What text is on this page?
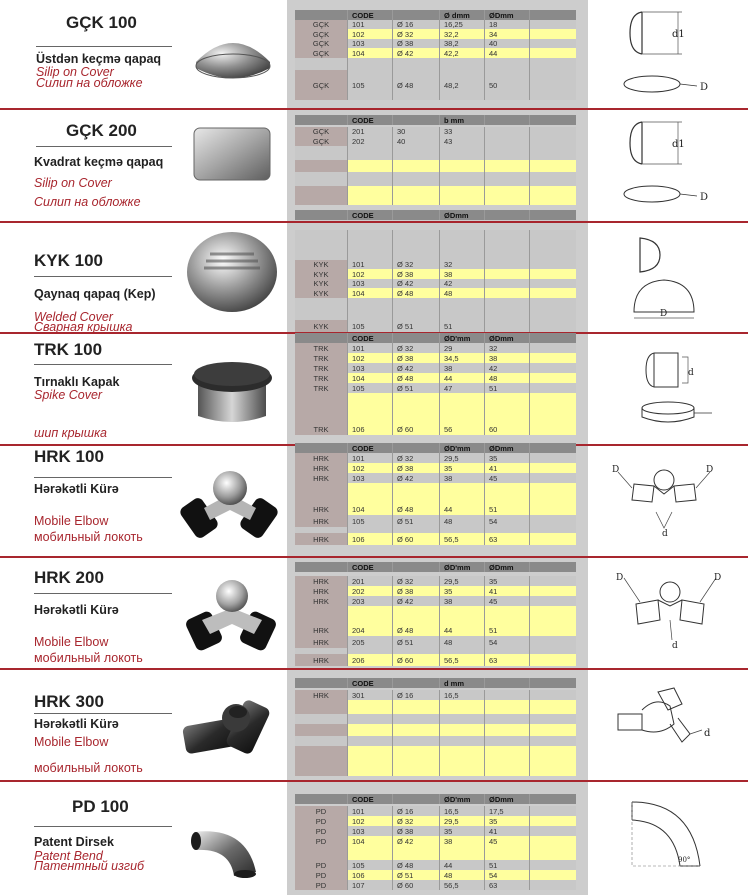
GÇK 100
Üstdən keçmə qapaq
Silip on Cover
Силип на обложке
CODE	Ø dmm	ØDmm
GÇK	101	Ø 16	16,25	18
GÇK	102	Ø 32	32,2	34
GÇK	103	Ø 38	38,2	40
GÇK	104	Ø 42	42,2	44
GÇK	105	Ø 48	48,2	50
d1
D
GÇK 200
Kvadrat keçmə qapaq
Silip on Cover
Силип на обложке
CODE	b mm
GÇK	201	30	33
GÇK	202	40	43
CODE	ØDmm
d1
D
KYK 100
Qaynaq qapaq (Kep)
Welded Cover
Сварная крышка
KYK	101	Ø 32	32
KYK	102	Ø 38	38
KYK	103	Ø 42	42
KYK	104	Ø 48	48
KYK	105	Ø 51	51
D
TRK 100
Tırnaklı Kapak
Spike Cover
шип крышка
CODE	ØD'mm	ØDmm
TRK	101	Ø 32	29	32
TRK	102	Ø 38	34,5	38
TRK	103	Ø 42	38	42
TRK	104	Ø 48	44	48
TRK	105	Ø 51	47	51
TRK	106	Ø 60	56	60
d
HRK 100
Hərəkətli Kürə
Mobile Elbow
мобильный локоть
CODE	ØD'mm	ØDmm
HRK	101	Ø 32	29,5	35
HRK	102	Ø 38	35	41
HRK	103	Ø 42	38	45
HRK	104	Ø 48	44	51
HRK	105	Ø 51	48	54
HRK	106	Ø 60	56,5	63
D	D
d
HRK 200
Hərəkətli Kürə
Mobile Elbow
мобильный локоть
CODE	ØD'mm	ØDmm
HRK	201	Ø 32	29,5	35
HRK	202	Ø 38	35	41
HRK	203	Ø 42	38	45
HRK	204	Ø 48	44	51
HRK	205	Ø 51	48	54
HRK	206	Ø 60	56,5	63
D	D
d
HRK 300
Hərəkətli Kürə
Mobile Elbow
мобильный локоть
CODE	d mm
HRK	301	Ø 16	16,5
d
PD 100
Patent Dirsek
Patent Bend
Патентный изгиб
CODE	ØD'mm	ØDmm
PD	101	Ø 16	16,5	17,5
PD	102	Ø 32	29,5	35
PD	103	Ø 38	35	41
PD	104	Ø 42	38	45
PD	105	Ø 48	44	51
PD	106	Ø 51	48	54
PD	107	Ø 60	56,5	63
90°
